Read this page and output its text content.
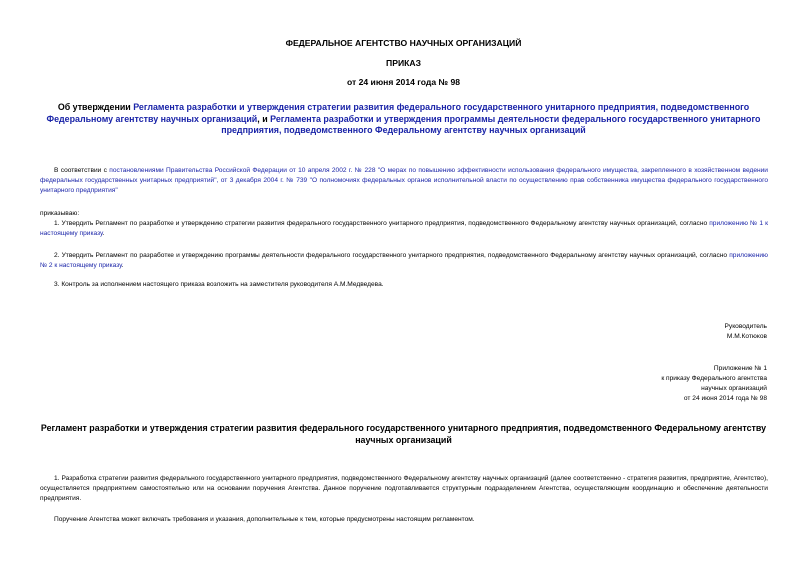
ФЕДЕРАЛЬНОЕ АГЕНТСТВО НАУЧНЫХ ОРГАНИЗАЦИЙ
ПРИКАЗ
от 24 июня 2014 года № 98
Об утверждении Регламента разработки и утверждения стратегии развития федерального государственного унитарного предприятия, подведомственного Федеральному агентству научных организаций, и Регламента разработки и утверждения программы деятельности федерального государственного унитарного предприятия, подведомственного Федеральному агентству научных организаций
В соответствии с постановлениями Правительства Российской Федерации от 10 апреля 2002 г. № 228 "О мерах по повышению эффективности использования федерального имущества, закрепленного в хозяйственном ведении федеральных государственных унитарных предприятий", от 3 декабря 2004 г. № 739 "О полномочиях федеральных органов исполнительной власти по осуществлению прав собственника имущества федерального государственного унитарного предприятия"
приказываю:
1. Утвердить Регламент по разработке и утверждению стратегии развития федерального государственного унитарного предприятия, подведомственного Федеральному агентству научных организаций, согласно приложению № 1 к настоящему приказу.
2. Утвердить Регламент по разработке и утверждению программы деятельности федерального государственного унитарного предприятия, подведомственного Федеральному агентству научных организаций, согласно приложению № 2 к настоящему приказу.
3. Контроль за исполнением настоящего приказа возложить на заместителя руководителя А.М.Медведева.
Руководитель
М.М.Котюков
Приложение № 1
к приказу Федерального агентства
научных организаций
от 24 июня 2014 года № 98
Регламент разработки и утверждения стратегии развития федерального государственного унитарного предприятия, подведомственного Федеральному агентству научных организаций
1. Разработка стратегии развития федерального государственного унитарного предприятия, подведомственного Федеральному агентству научных организаций (далее соответственно - стратегия развития, предприятие, Агентство), осуществляется предприятием самостоятельно или на основании поручения Агентства. Данное поручение подготавливается структурным подразделением Агентства, осуществляющим координацию и обеспечение деятельности предприятия.
Поручение Агентства может включать требования и указания, дополнительные к тем, которые предусмотрены настоящим регламентом.
